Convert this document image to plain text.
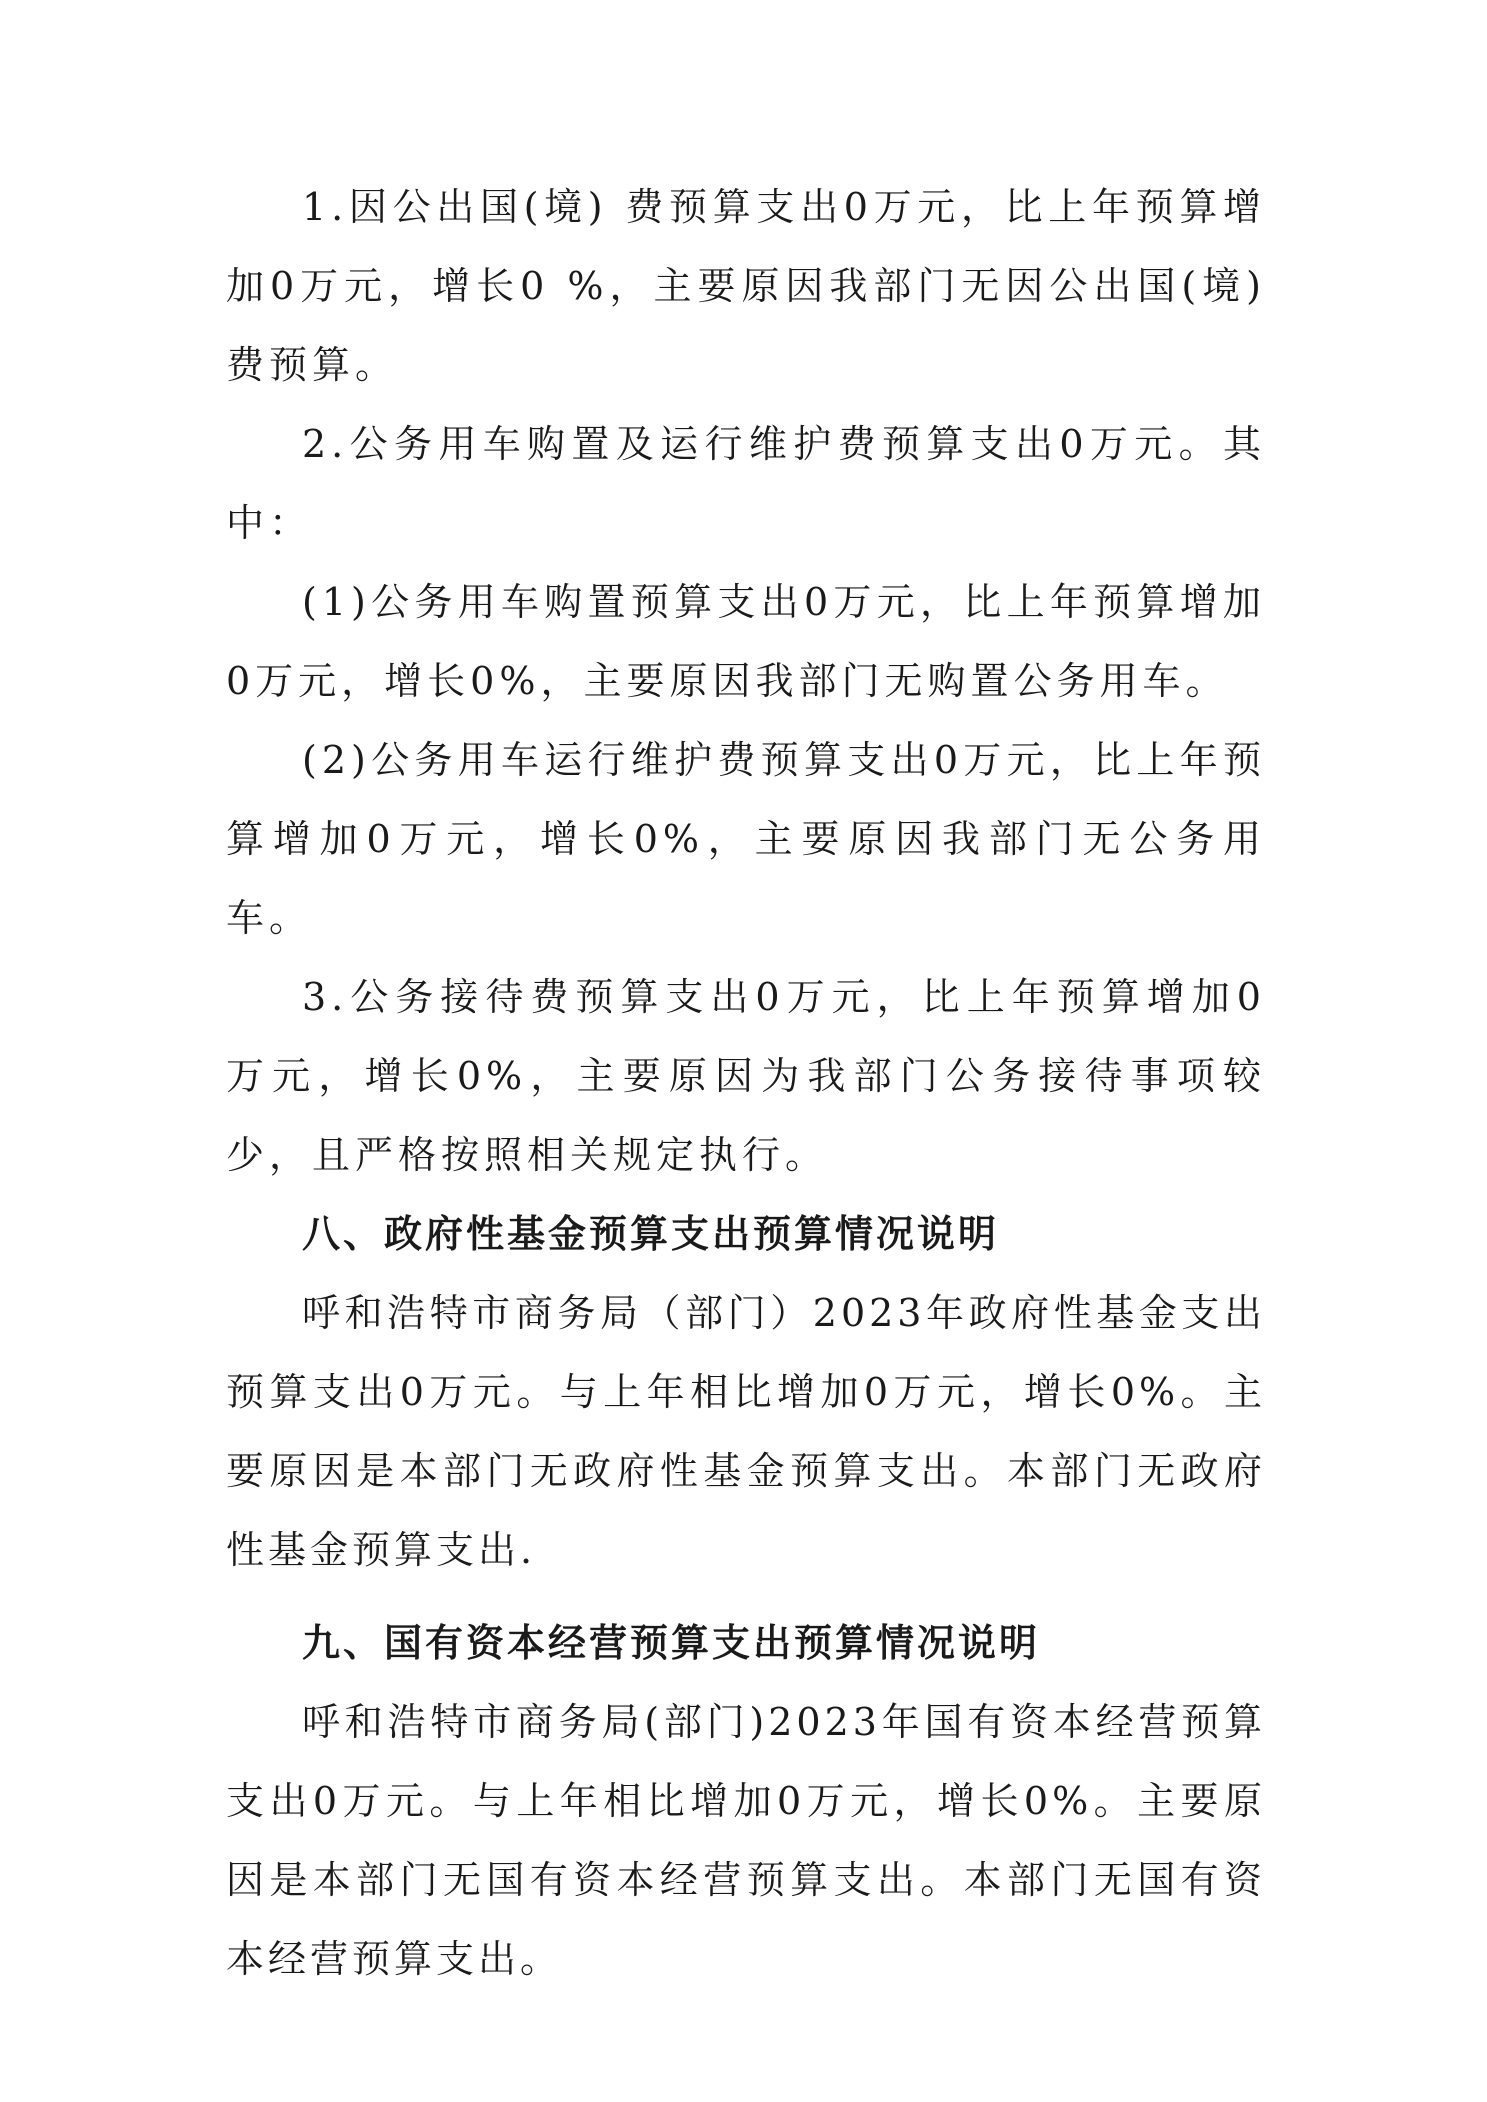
1.因公出国(境) 费预算支出0万元，比上年预算增加0万元，增长0 %，主要原因我部门无因公出国(境)费预算。

2.公务用车购置及运行维护费预算支出0万元。其中：

(1)公务用车购置预算支出0万元，比上年预算增加0万元，增长0%，主要原因我部门无购置公务用车。

(2)公务用车运行维护费预算支出0万元，比上年预算增加0万元，增长0%，主要原因我部门无公务用车。

3.公务接待费预算支出0万元，比上年预算增加0万元，增长0%，主要原因为我部门公务接待事项较少，且严格按照相关规定执行。

八、政府性基金预算支出预算情况说明

呼和浩特市商务局（部门）2023年政府性基金支出预算支出0万元。与上年相比增加0万元，增长0%。主要原因是本部门无政府性基金预算支出。本部门无政府性基金预算支出.

九、国有资本经营预算支出预算情况说明

呼和浩特市商务局(部门)2023年国有资本经营预算支出0万元。与上年相比增加0万元，增长0%。主要原因是本部门无国有资本经营预算支出。本部门无国有资本经营预算支出。
